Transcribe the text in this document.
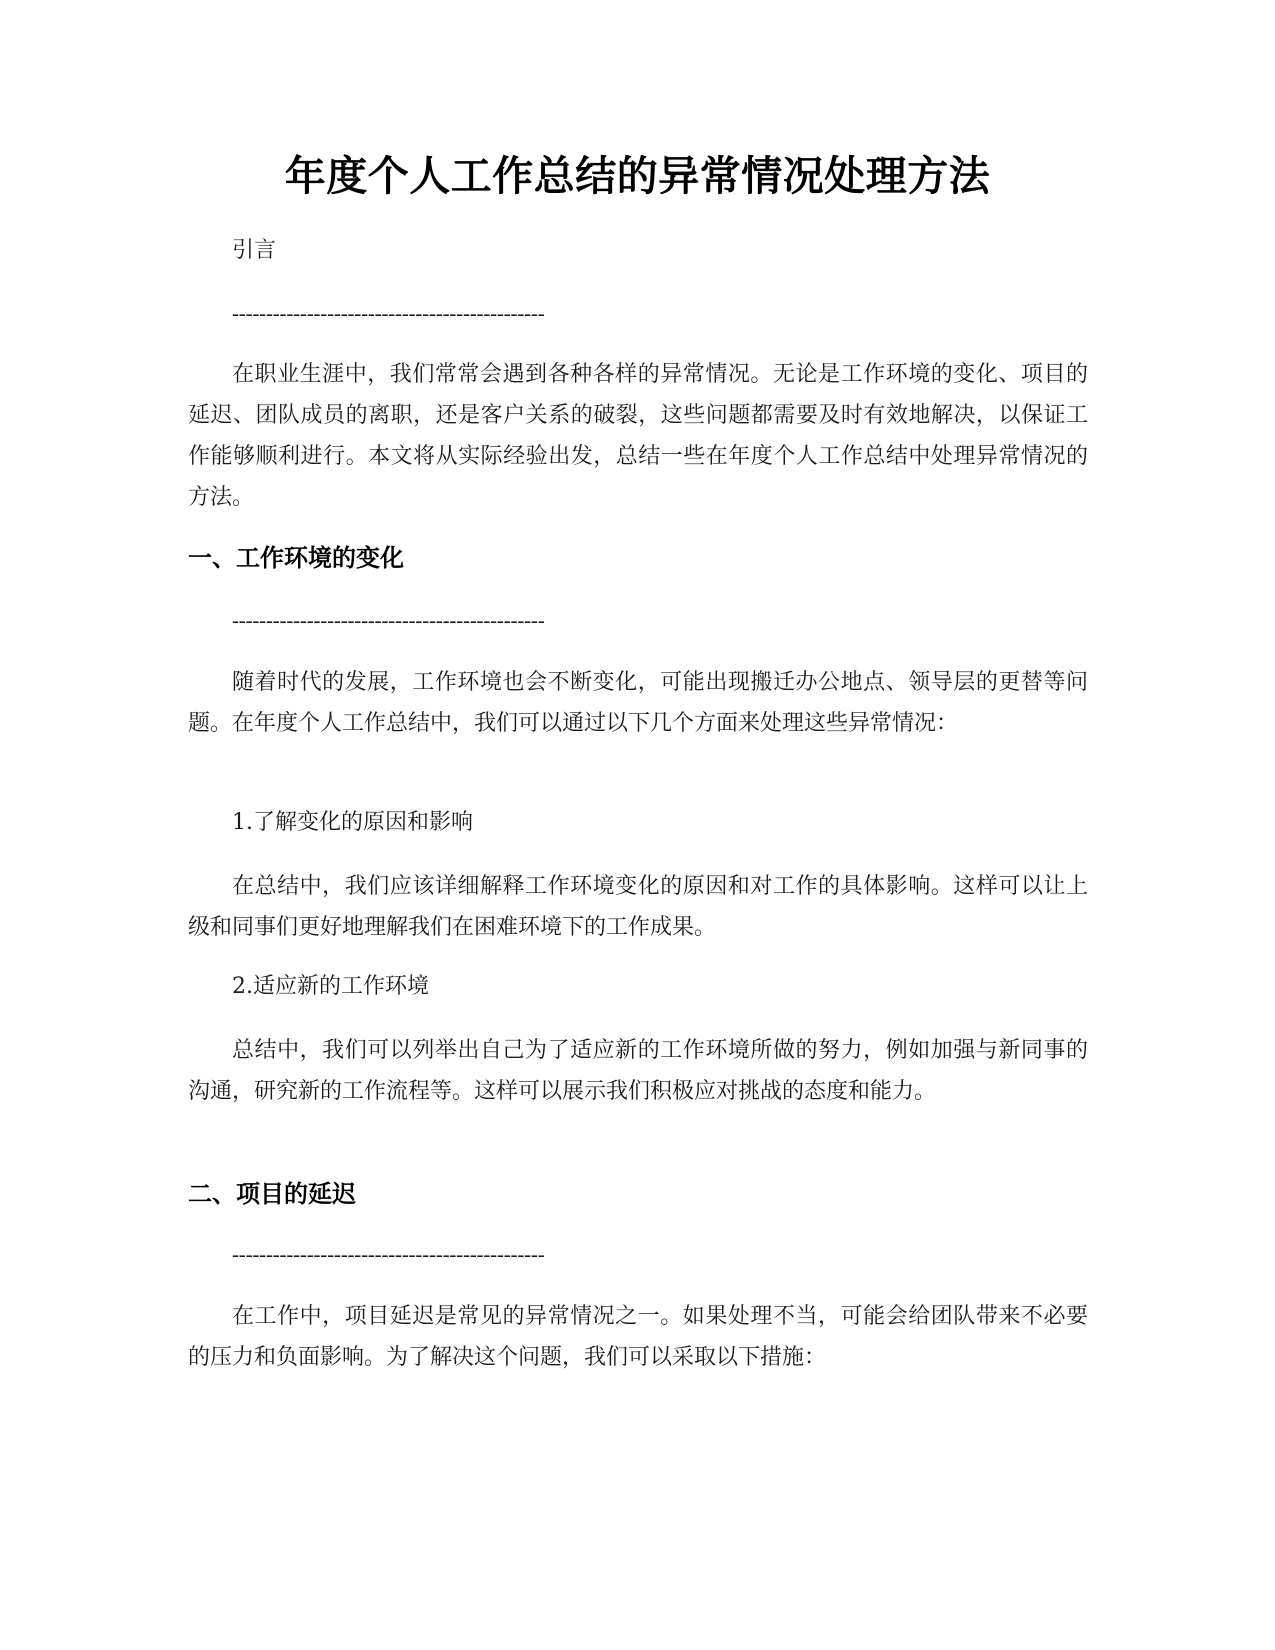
年度个人工作总结的异常情况处理方法
引言
----------------------------------------------

在职业生涯中，我们常常会遇到各种各样的异常情况。无论是工作环境的变化、项目的延迟、团队成员的离职，还是客户关系的破裂，这些问题都需要及时有效地解决，以保证工作能够顺利进行。本文将从实际经验出发，总结一些在年度个人工作总结中处理异常情况的方法。

一、工作环境的变化
----------------------------------------------

随着时代的发展，工作环境也会不断变化，可能出现搬迁办公地点、领导层的更替等问题。在年度个人工作总结中，我们可以通过以下几个方面来处理这些异常情况：

1.了解变化的原因和影响

在总结中，我们应该详细解释工作环境变化的原因和对工作的具体影响。这样可以让上级和同事们更好地理解我们在困难环境下的工作成果。

2.适应新的工作环境

总结中，我们可以列举出自己为了适应新的工作环境所做的努力，例如加强与新同事的沟通，研究新的工作流程等。这样可以展示我们积极应对挑战的态度和能力。

二、项目的延迟
----------------------------------------------

在工作中，项目延迟是常见的异常情况之一。如果处理不当，可能会给团队带来不必要的压力和负面影响。为了解决这个问题，我们可以采取以下措施：
